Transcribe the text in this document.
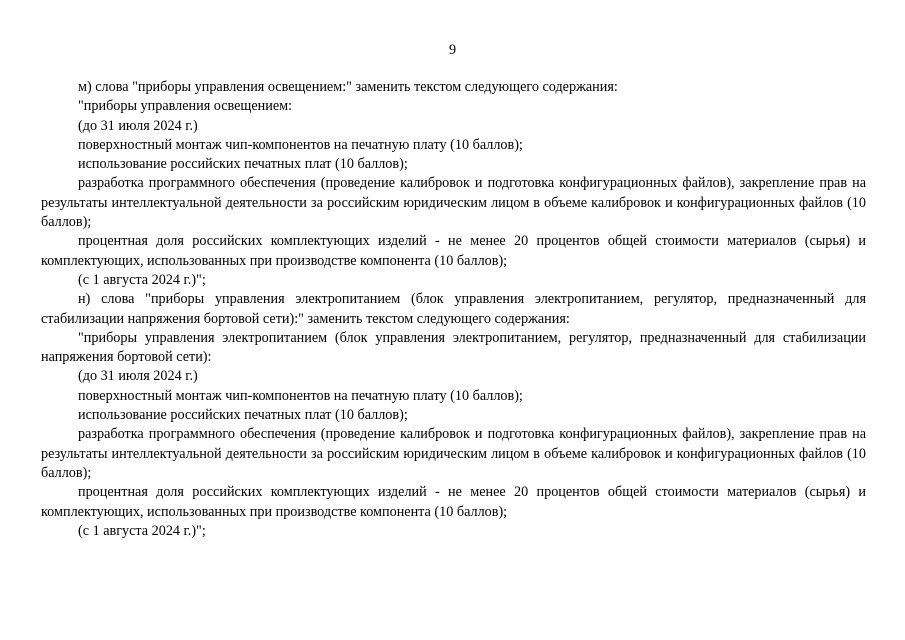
9

м) слова "приборы управления освещением:" заменить текстом следующего содержания:

"приборы управления освещением:

(до 31 июля 2024 г.)

поверхностный монтаж чип-компонентов на печатную плату (10 баллов);

использование российских печатных плат (10 баллов);

разработка программного обеспечения (проведение калибровок и подготовка конфигурационных файлов), закрепление прав на результаты интеллектуальной деятельности за российским юридическим лицом в объеме калибровок и конфигурационных файлов (10 баллов);

процентная доля российских комплектующих изделий - не менее 20 процентов общей стоимости материалов (сырья) и комплектующих, использованных при производстве компонента (10 баллов);

(с 1 августа 2024 г.)";

н) слова "приборы управления электропитанием (блок управления электропитанием, регулятор, предназначенный для стабилизации напряжения бортовой сети):" заменить текстом следующего содержания:

"приборы управления электропитанием (блок управления электропитанием, регулятор, предназначенный для стабилизации напряжения бортовой сети):

(до 31 июля 2024 г.)

поверхностный монтаж чип-компонентов на печатную плату (10 баллов);

использование российских печатных плат (10 баллов);

разработка программного обеспечения (проведение калибровок и подготовка конфигурационных файлов), закрепление прав на результаты интеллектуальной деятельности за российским юридическим лицом в объеме калибровок и конфигурационных файлов (10 баллов);

процентная доля российских комплектующих изделий - не менее 20 процентов общей стоимости материалов (сырья) и комплектующих, использованных при производстве компонента (10 баллов);

(с 1 августа 2024 г.)";
